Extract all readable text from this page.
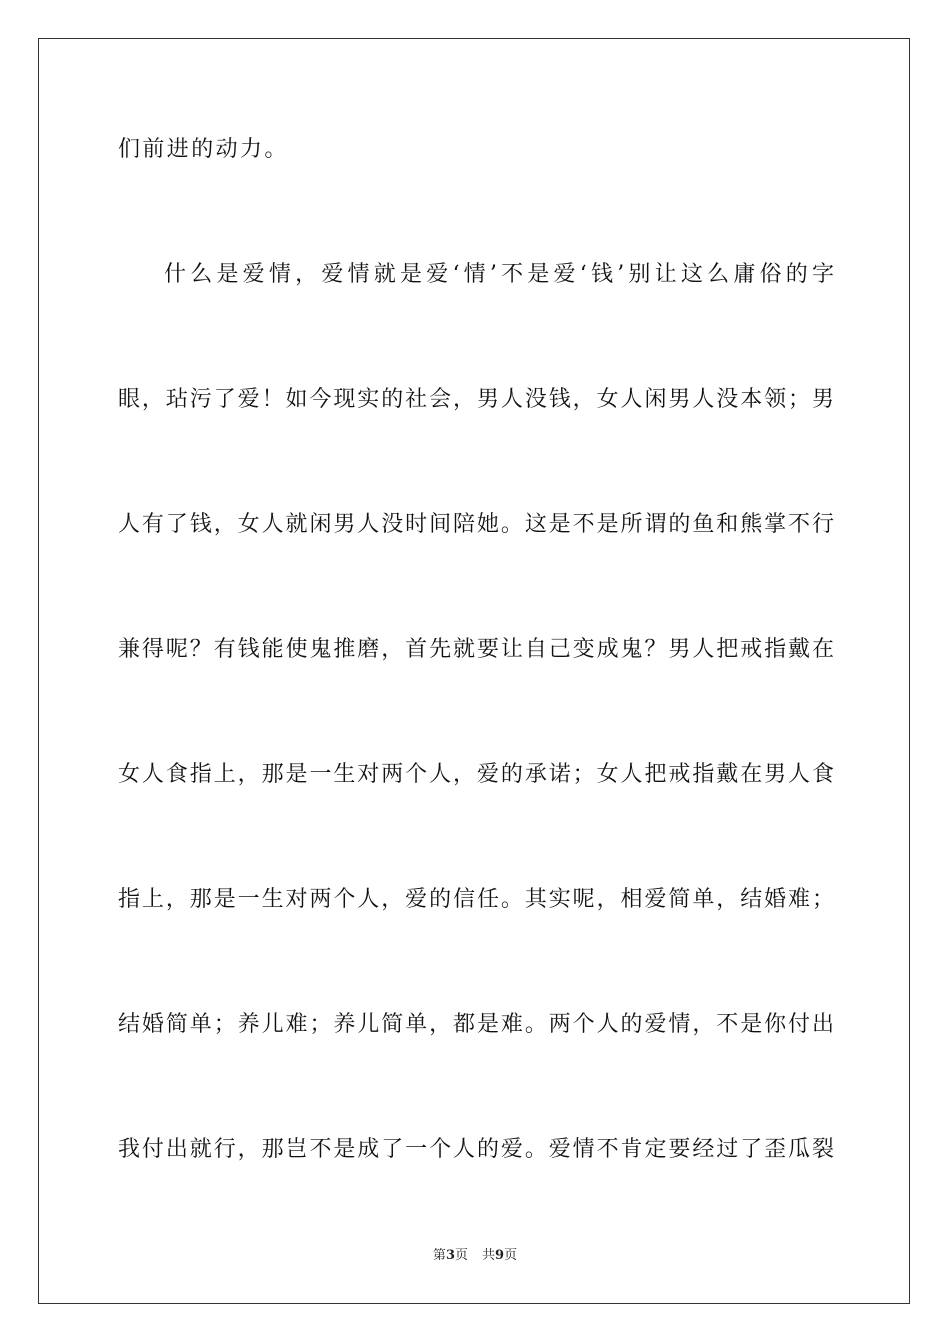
们前进的动力。
什么是爱情，爱情就是爱‘情’不是爱‘钱’别让这么庸俗的字
眼，玷污了爱！如今现实的社会，男人没钱，女人闲男人没本领；男
人有了钱，女人就闲男人没时间陪她。这是不是所谓的鱼和熊掌不行
兼得呢？有钱能使鬼推磨，首先就要让自己变成鬼？男人把戒指戴在
女人食指上，那是一生对两个人，爱的承诺；女人把戒指戴在男人食
指上，那是一生对两个人，爱的信任。其实呢，相爱简单，结婚难；
结婚简单；养儿难；养儿简单，都是难。两个人的爱情，不是你付出
我付出就行，那岂不是成了一个人的爱。爱情不肯定要经过了歪瓜裂
第3页 共9页
